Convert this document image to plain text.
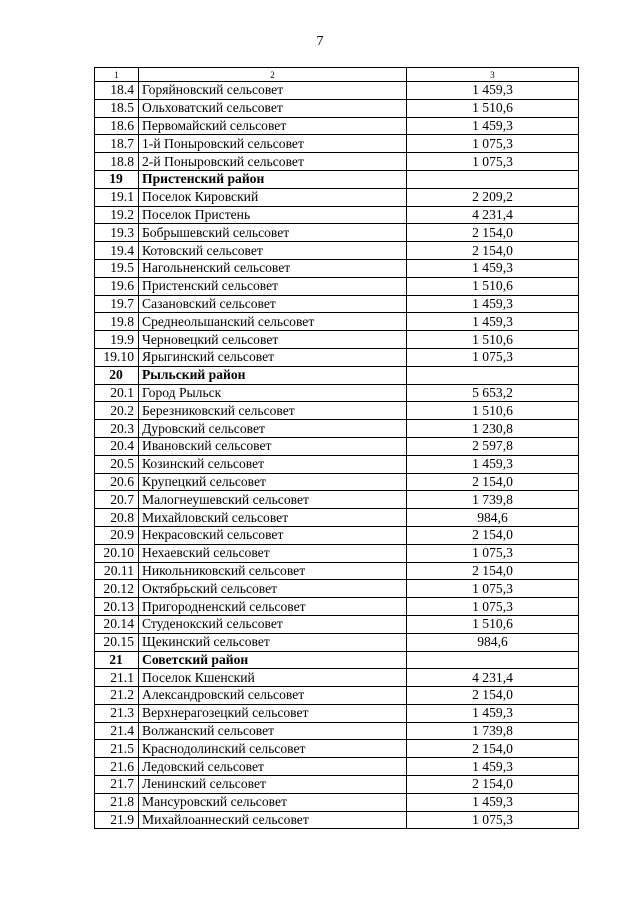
7
1	2	3
18.4	Горяйновский сельсовет	1 459,3
18.5	Ольховатский сельсовет	1 510,6
18.6	Первомайский сельсовет	1 459,3
18.7	1-й Поныровский сельсовет	1 075,3
18.8	2-й Поныровский сельсовет	1 075,3
19	Пристенский район	
19.1	Поселок Кировский	2 209,2
19.2	Поселок Пристень	4 231,4
19.3	Бобрышевский сельсовет	2 154,0
19.4	Котовский сельсовет	2 154,0
19.5	Нагольненский сельсовет	1 459,3
19.6	Пристенский сельсовет	1 510,6
19.7	Сазановский сельсовет	1 459,3
19.8	Среднеольшанский сельсовет	1 459,3
19.9	Черновецкий сельсовет	1 510,6
19.10	Ярыгинский сельсовет	1 075,3
20	Рыльский район	
20.1	Город Рыльск	5 653,2
20.2	Березниковский сельсовет	1 510,6
20.3	Дуровский сельсовет	1 230,8
20.4	Ивановский сельсовет	2 597,8
20.5	Козинский сельсовет	1 459,3
20.6	Крупецкий сельсовет	2 154,0
20.7	Малогнеушевский сельсовет	1 739,8
20.8	Михайловский сельсовет	984,6
20.9	Некрасовский сельсовет	2 154,0
20.10	Нехаевский сельсовет	1 075,3
20.11	Никольниковский сельсовет	2 154,0
20.12	Октябрьский сельсовет	1 075,3
20.13	Пригородненский сельсовет	1 075,3
20.14	Студенокский сельсовет	1 510,6
20.15	Щекинский сельсовет	984,6
21	Советский район	
21.1	Поселок Кшенский	4 231,4
21.2	Александровский сельсовет	2 154,0
21.3	Верхнерагозецкий сельсовет	1 459,3
21.4	Волжанский сельсовет	1 739,8
21.5	Краснодолинский сельсовет	2 154,0
21.6	Ледовский сельсовет	1 459,3
21.7	Ленинский сельсовет	2 154,0
21.8	Мансуровский сельсовет	1 459,3
21.9	Михайлоаннеский сельсовет	1 075,3
